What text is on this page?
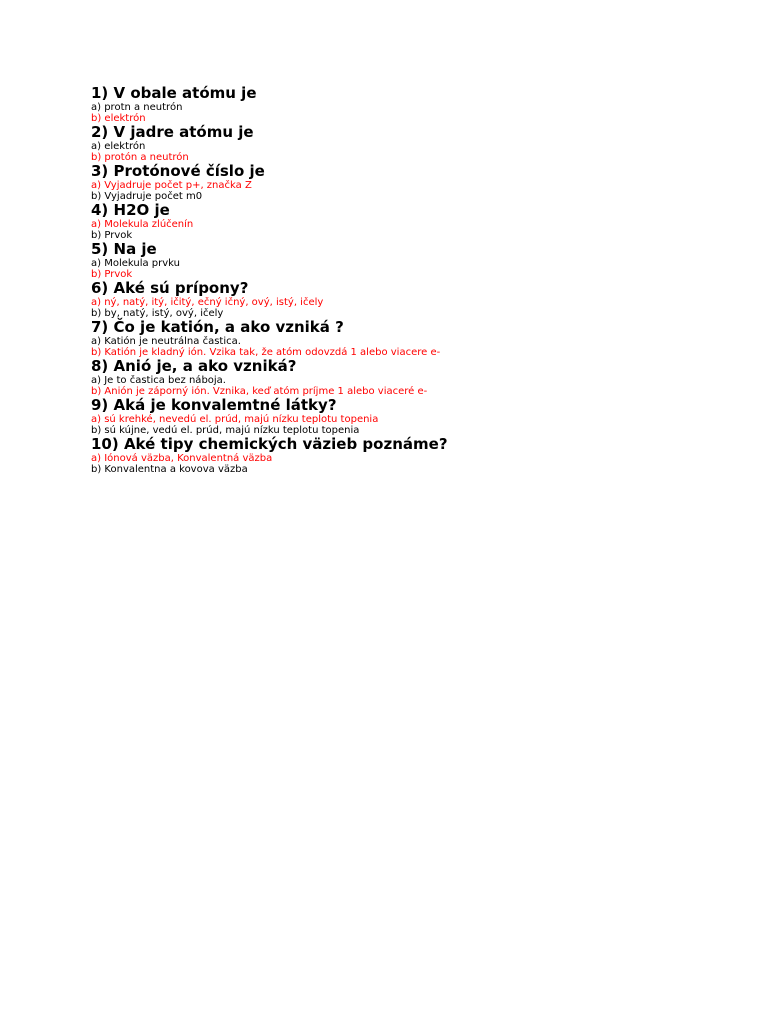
1) V obale atómu je
a) protn a neutrón
b) elektrón
2) V jadre atómu je
a) elektrón
b) protón a neutrón
3) Protónové číslo je
a) Vyjadruje počet p+, značka Z
b) Vyjadruje počet m0
4) H2O je
a) Molekula zlúčenín
b) Prvok
5) Na je
a) Molekula prvku
b) Prvok
6) Aké sú prípony?
a) ný, natý, itý, ičitý, ečný ičný, ový, istý, ičely
b) by, natý, istý, ový, ičely
7) Čo je katión, a ako vzniká ?
a) Katión je neutrálna častica.
b) Katión je kladný ión. Vzika tak, že atóm odovzdá 1 alebo viacere e-
8) Anió je, a ako vzniká?
a) Je to častica bez náboja.
b) Anión je záporný ión. Vznika, keď atóm príjme 1 alebo viaceré e-
9) Aká je konvalemtné látky?
a) sú krehké, nevedú el. prúd, majú nízku teplotu topenia
b) sú kújne, vedú el. prúd, majú nízku teplotu topenia
10) Aké tipy chemických väzieb poznáme?
a) Iónová väzba, Konvalentná väzba
b) Konvalentna a kovova väzba
